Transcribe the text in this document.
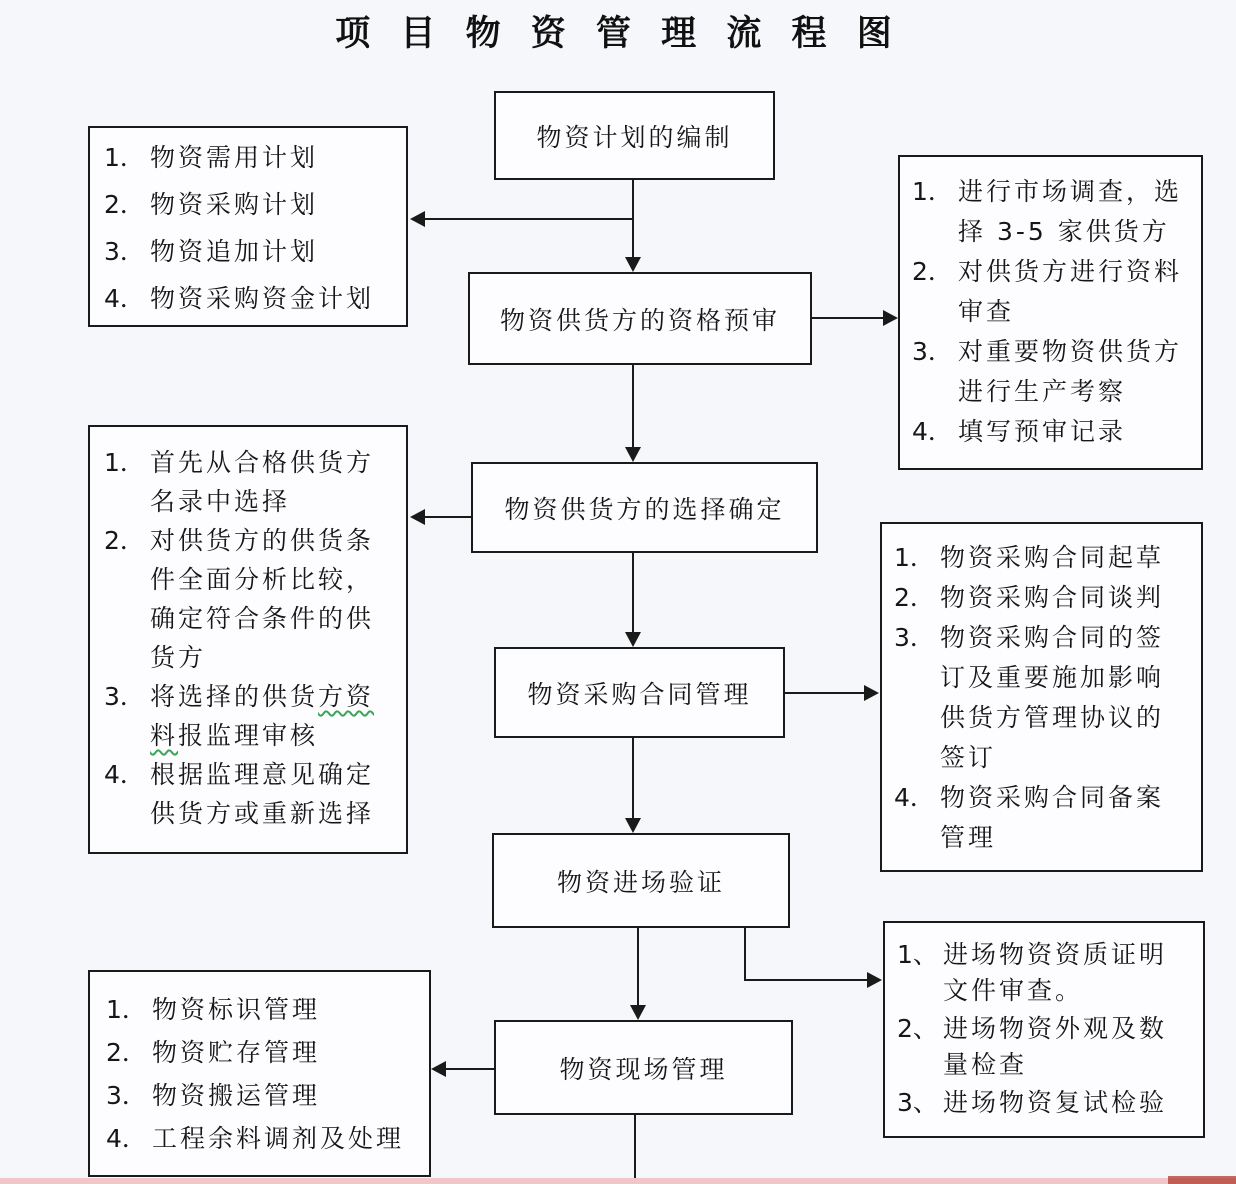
项 目 物 资 管 理 流 程 图
物资计划的编制
物资供货方的资格预审
物资供货方的选择确定
物资采购合同管理
物资进场验证
物资现场管理
1． 物资需用计划
2． 物资采购计划
3． 物资追加计划
4． 物资采购资金计划
1． 进行市场调查，选择 3-5 家供货方
2． 对供货方进行资料审查
3． 对重要物资供货方进行生产考察
4． 填写预审记录
1． 首先从合格供货方名录中选择
2． 对供货方的供货条件全面分析比较，确定符合条件的供货方
3． 将选择的供货方资料报监理审核
4． 根据监理意见确定供货方或重新选择
1． 物资采购合同起草
2． 物资采购合同谈判
3． 物资采购合同的签订及重要施加影响供货方管理协议的签订
4． 物资采购合同备案管理
1、 进场物资资质证明文件审查。
2、 进场物资外观及数量检查
3、 进场物资复试检验
1． 物资标识管理
2． 物资贮存管理
3． 物资搬运管理
4． 工程余料调剂及处理
